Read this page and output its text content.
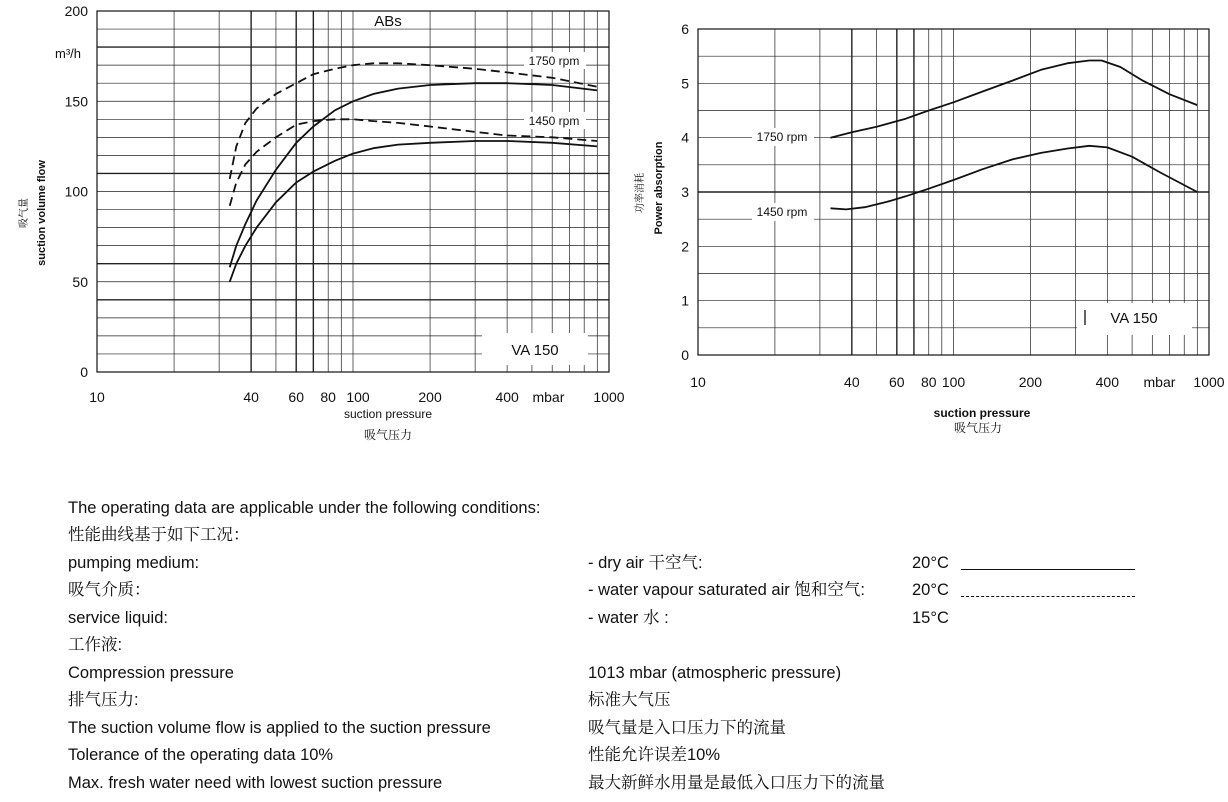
0
50
100
150
200
10	40 60 80 100	200	400 mbar 1000
m³/h
ABs
1750 rpm
1450 rpm
VA 150
suction pressure
吸气压力
吸气量 suction volume flow
0
1
2
3
4
5
6
10	40 60 80 100	200	400 mbar 1000
1750 rpm
1450 rpm
VA 150
suction pressure
吸气压力
功率消耗 Power absorption
The operating data are applicable under the following conditions:
性能曲线基于如下工况：
pumping medium:	- dry air 干空气:	20°C
吸气介质：	- water vapour saturated air 饱和空气:	20°C
service liquid:	- water 水 :	15°C
工作液:
Compression pressure	1013 mbar (atmospheric pressure)
排气压力:	标准大气压
The suction volume flow is applied to the suction pressure	吸气量是入口压力下的流量
Tolerance of the operating data 10%	性能允许误差10%
Max. fresh water need with lowest suction pressure	最大新鲜水用量是最低入口压力下的流量
